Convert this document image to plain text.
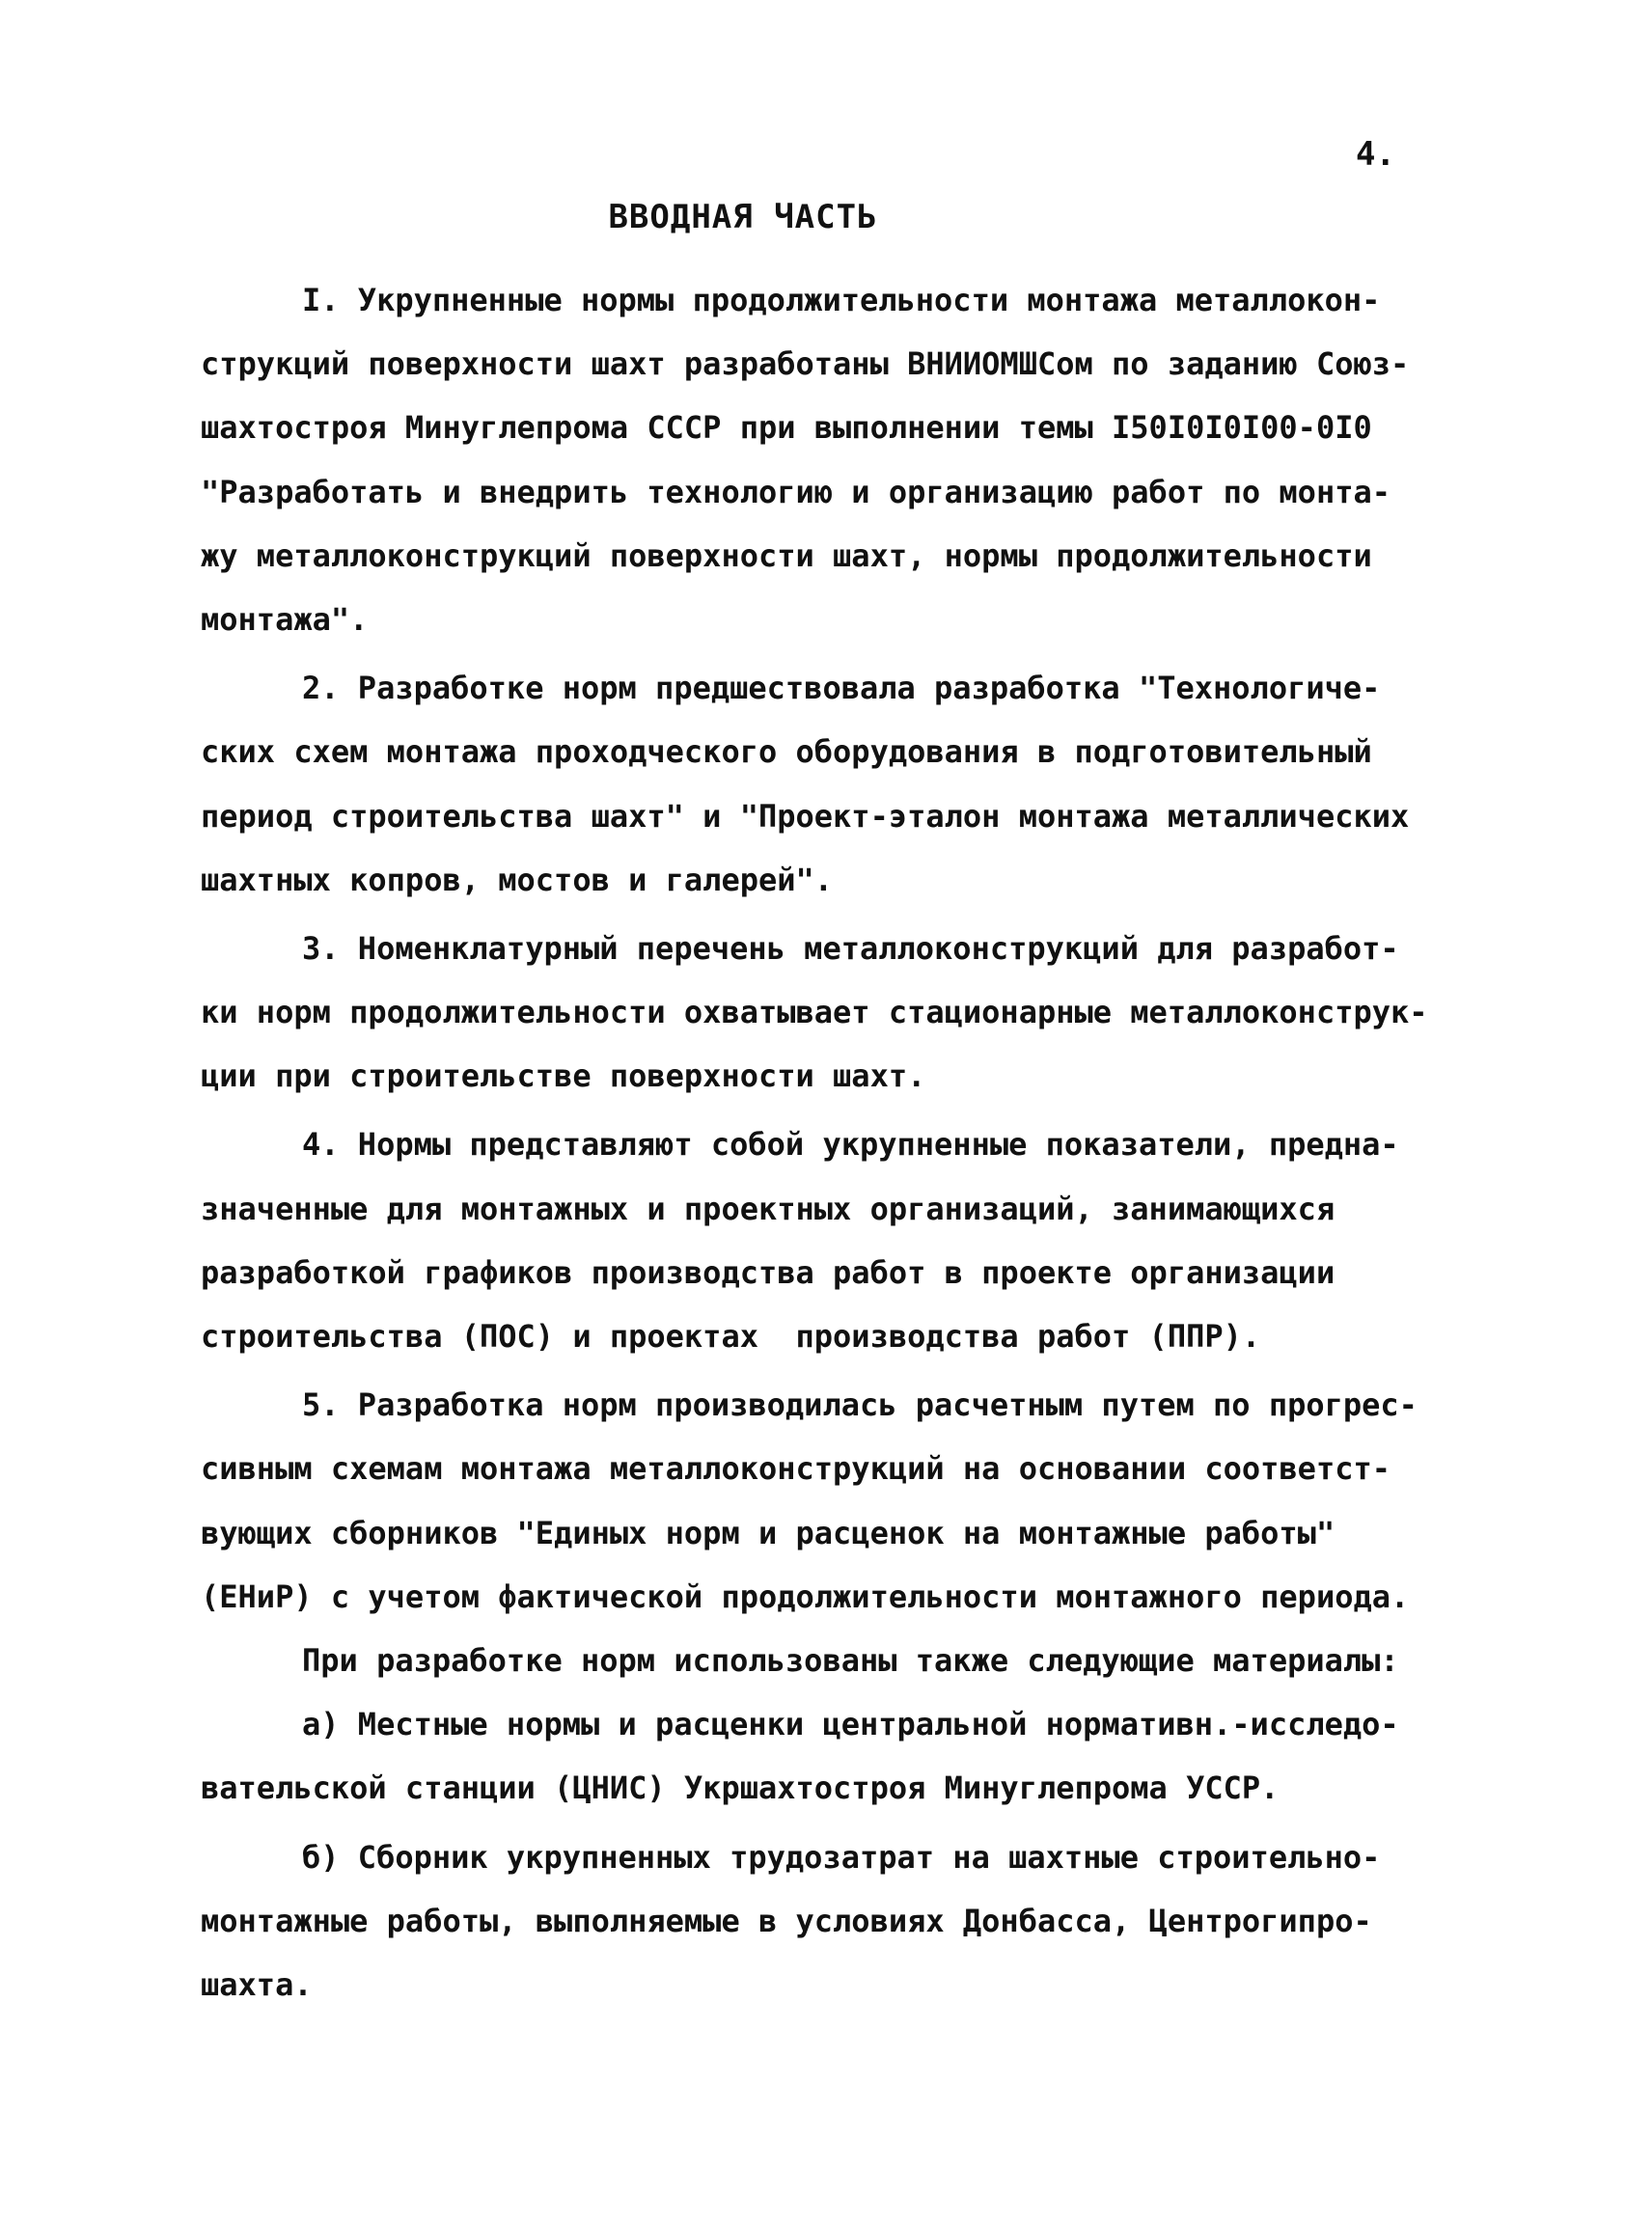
4.
ВВОДНАЯ ЧАСТЬ
I. Укрупненные нормы продолжительности монтажа металлокон-
струкций поверхности шахт разработаны ВНИИОМШСом по заданию Союз-
шахтостроя Минуглепрома СССР при выполнении темы I50I0I0I00-0I0
"Разработать и внедрить технологию и организацию работ по монта-
жу металлоконструкций поверхности шахт, нормы продолжительности
монтажа".
2. Разработке норм предшествовала разработка "Технологиче-
ских схем монтажа проходческого оборудования в подготовительный
период строительства шахт" и "Проект-эталон монтажа металлических
шахтных копров, мостов и галерей".
3. Номенклатурный перечень металлоконструкций для разработ-
ки норм продолжительности охватывает стационарные металлоконструк-
ции при строительстве поверхности шахт.
4. Нормы представляют собой укрупненные показатели, предна-
значенные для монтажных и проектных организаций, занимающихся
разработкой графиков производства работ в проекте организации
строительства (ПОС) и проектах  производства работ (ППР).
5. Разработка норм производилась расчетным путем по прогрес-
сивным схемам монтажа металлоконструкций на основании соответст-
вующих сборников "Единых норм и расценок на монтажные работы"
(ЕНиР) с учетом фактической продолжительности монтажного периода.
При разработке норм использованы также следующие материалы:
а) Местные нормы и расценки центральной нормативн.-исследо-
вательской станции (ЦНИС) Укршахтостроя Минуглепрома УССР.
б) Сборник укрупненных трудозатрат на шахтные строительно-
монтажные работы, выполняемые в условиях Донбасса, Центрогипро-
шахта.
